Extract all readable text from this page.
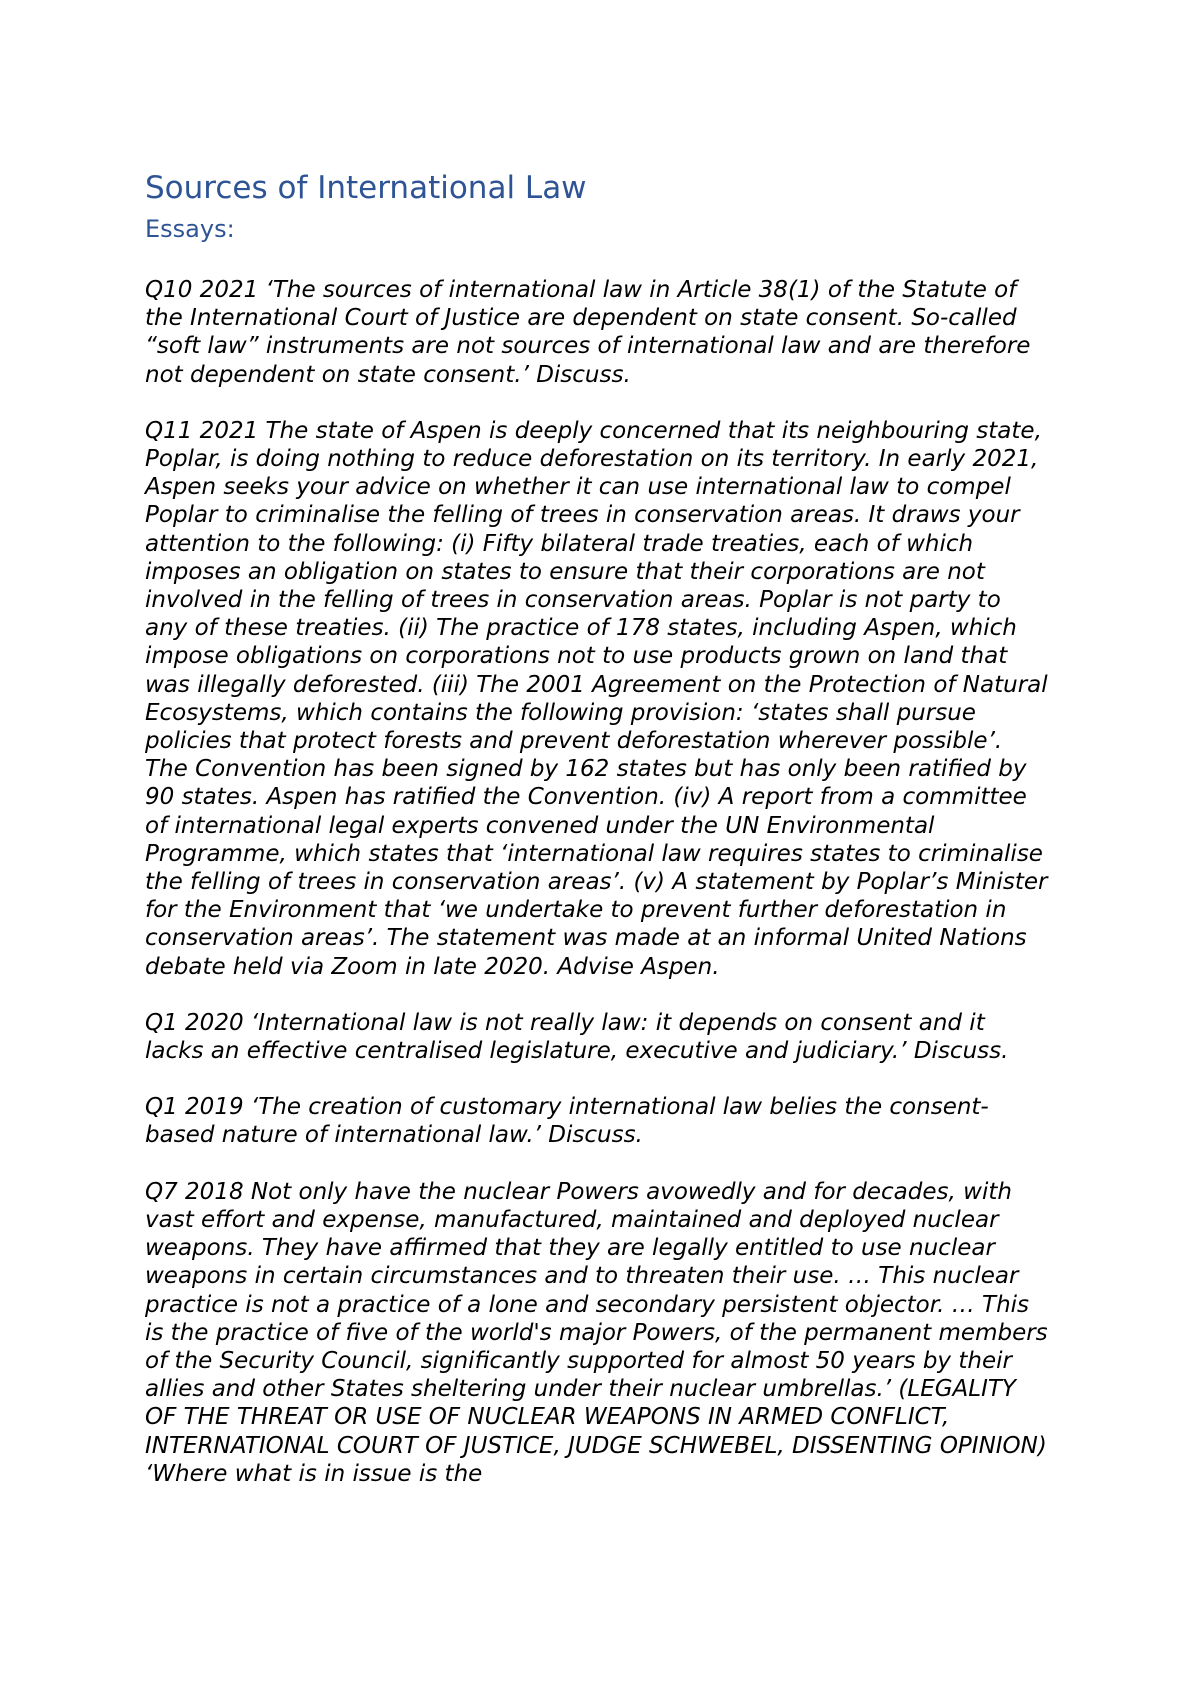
Sources of International Law
Essays:

Q10 2021 ‘The sources of international law in Article 38(1) of the Statute of the International Court of Justice are dependent on state consent. So-called “soft law” instruments are not sources of international law and are therefore not dependent on state consent.’ Discuss.

Q11 2021 The state of Aspen is deeply concerned that its neighbouring state, Poplar, is doing nothing to reduce deforestation on its territory. In early 2021, Aspen seeks your advice on whether it can use international law to compel Poplar to criminalise the felling of trees in conservation areas. It draws your attention to the following: (i) Fifty bilateral trade treaties, each of which imposes an obligation on states to ensure that their corporations are not involved in the felling of trees in conservation areas. Poplar is not party to any of these treaties. (ii) The practice of 178 states, including Aspen, which impose obligations on corporations not to use products grown on land that was illegally deforested. (iii) The 2001 Agreement on the Protection of Natural Ecosystems, which contains the following provision: ‘states shall pursue policies that protect forests and prevent deforestation wherever possible’. The Convention has been signed by 162 states but has only been ratified by 90 states. Aspen has ratified the Convention. (iv) A report from a committee of international legal experts convened under the UN Environmental Programme, which states that ‘international law requires states to criminalise the felling of trees in conservation areas’. (v) A statement by Poplar’s Minister for the Environment that ‘we undertake to prevent further deforestation in conservation areas’. The statement was made at an informal United Nations debate held via Zoom in late 2020. Advise Aspen.

Q1 2020 ‘International law is not really law: it depends on consent and it lacks an effective centralised legislature, executive and judiciary.’ Discuss.

Q1 2019 ‘The creation of customary international law belies the consent-based nature of international law.’ Discuss.

Q7 2018 Not only have the nuclear Powers avowedly and for decades, with vast effort and expense, manufactured, maintained and deployed nuclear weapons. They have affirmed that they are legally entitled to use nuclear weapons in certain circumstances and to threaten their use. … This nuclear practice is not a practice of a lone and secondary persistent objector. … This is the practice of five of the world's major Powers, of the permanent members of the Security Council, significantly supported for almost 50 years by their allies and other States sheltering under their nuclear umbrellas.’ (LEGALITY OF THE THREAT OR USE OF NUCLEAR WEAPONS IN ARMED CONFLICT, INTERNATIONAL COURT OF JUSTICE, JUDGE SCHWEBEL, DISSENTING OPINION) ‘Where what is in issue is the
